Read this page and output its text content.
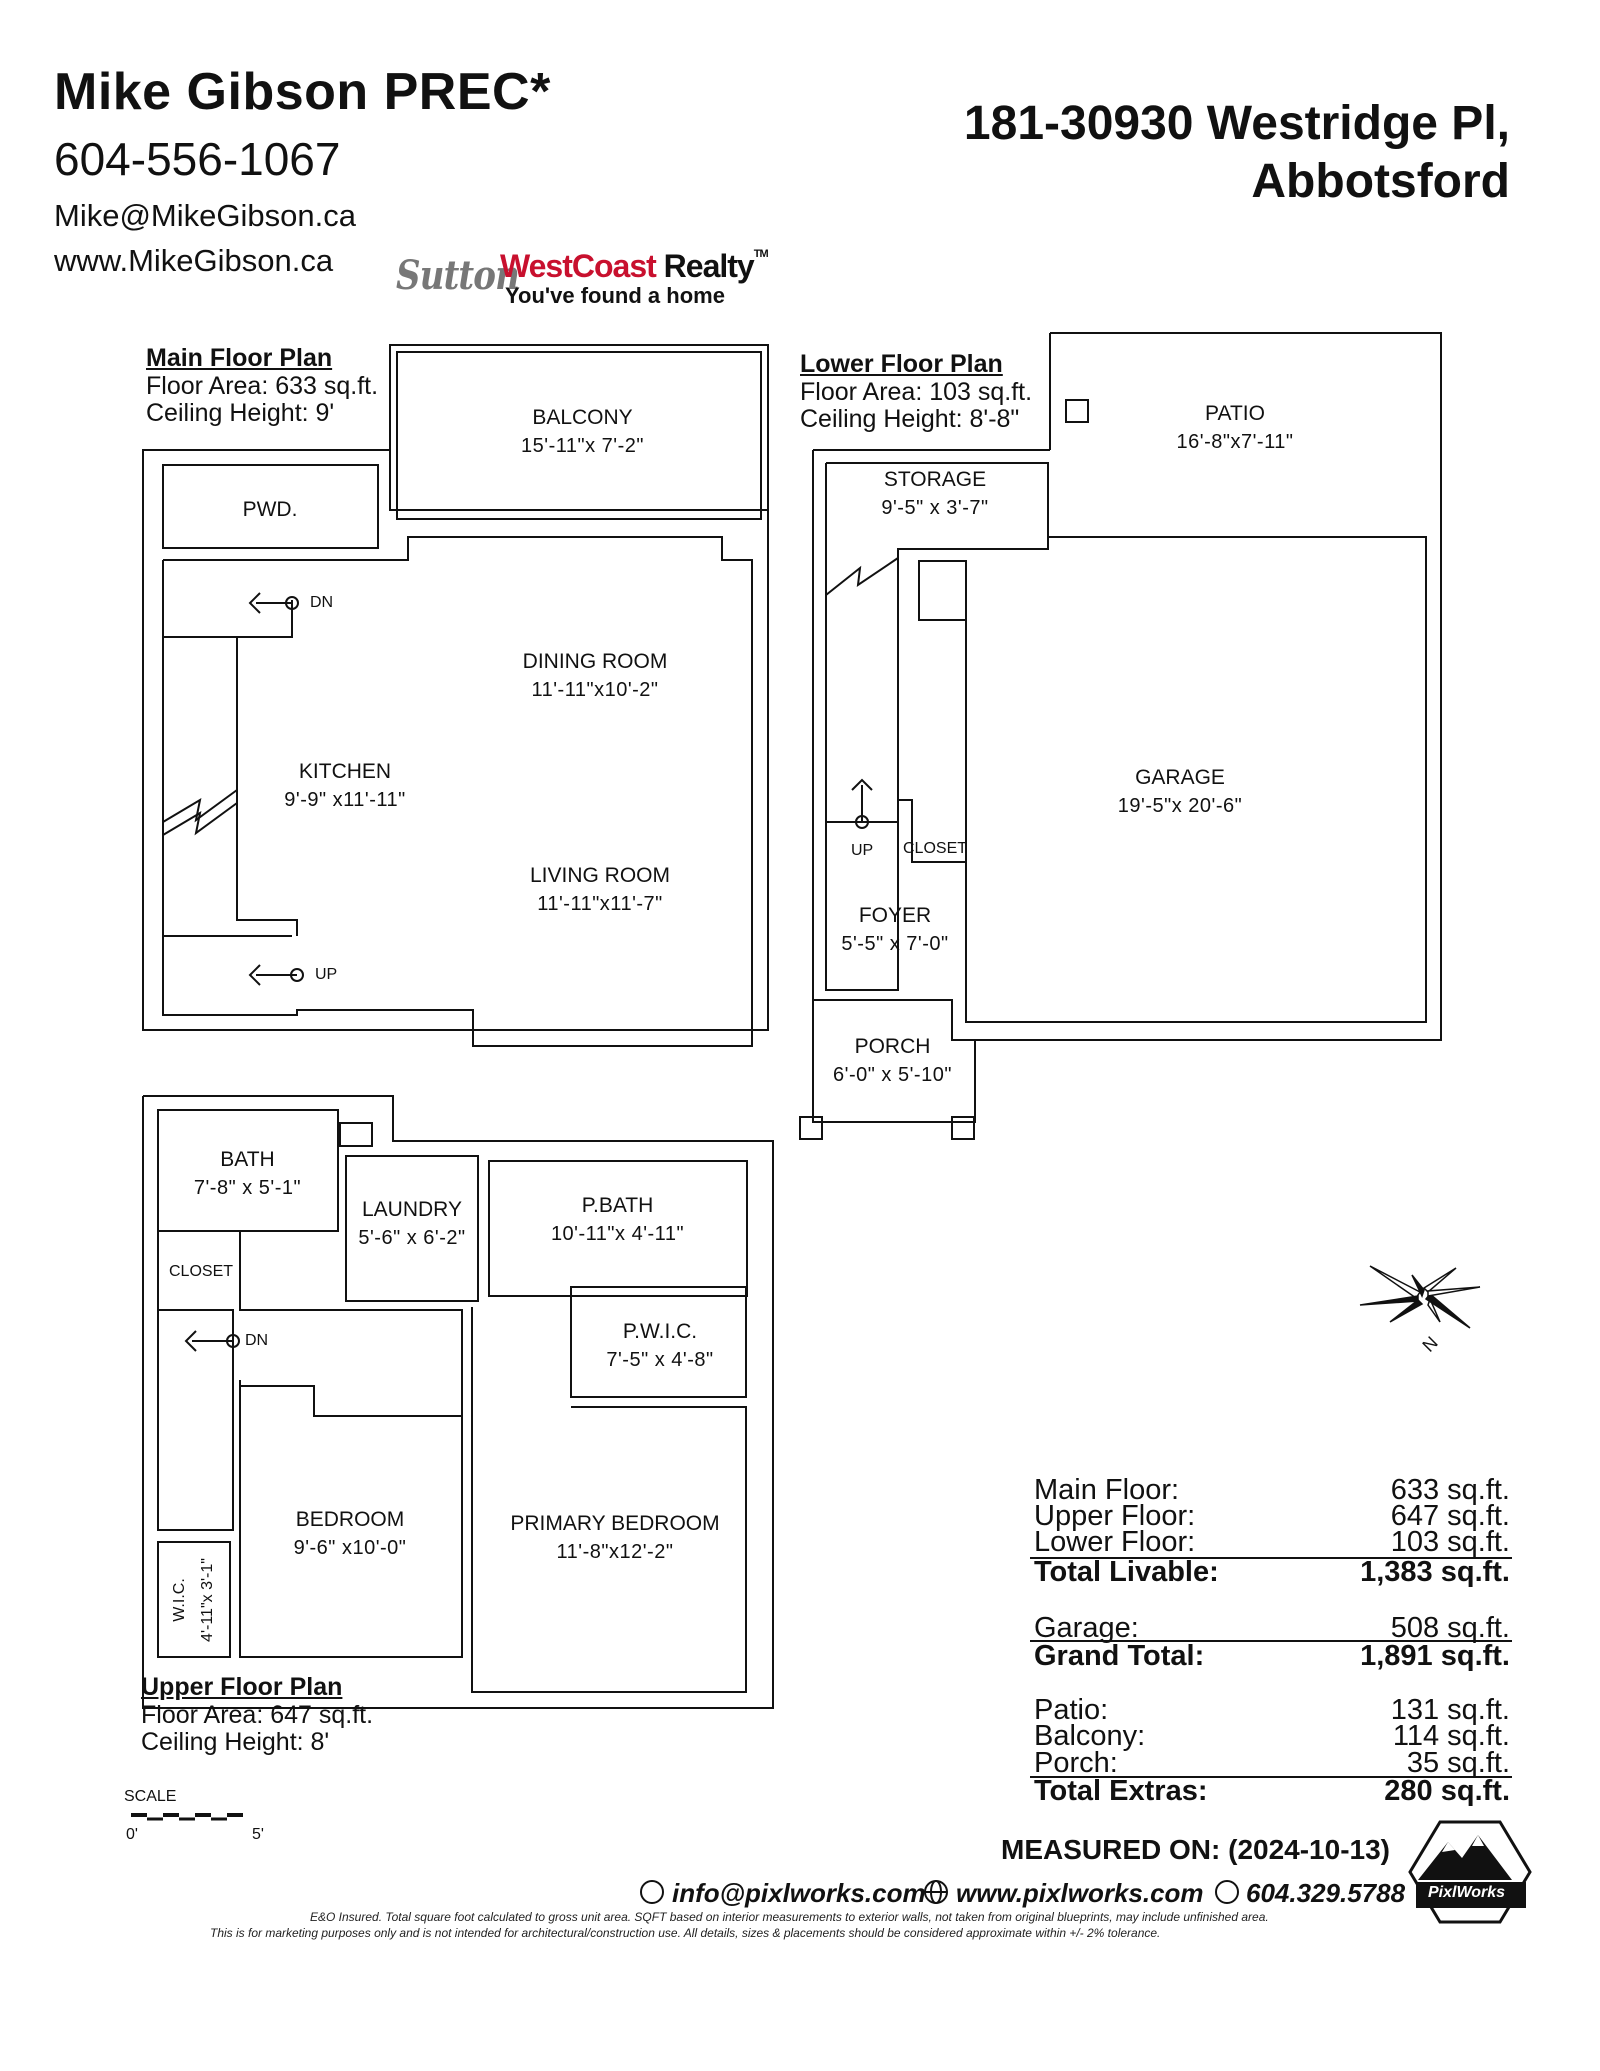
Mike Gibson PREC*
604-556-1067
Mike@MikeGibson.ca
www.MikeGibson.ca Sutton
WestCoast Realty™
You've found a home
181-30930 Westridge Pl,
Abbotsford
Main Floor Plan
Floor Area: 633 sq.ft.
Ceiling Height: 9'	BALCONY
15'-11"x 7'-2"
PWD.
DINING ROOM
11'-11"x10'-2"
KITCHEN
9'-9" x11'-11"
LIVING ROOM
11'-11"x11'-7"
DN
UP
Lower Floor Plan
Floor Area: 103 sq.ft.
Ceiling Height: 8'-8"	PATIO
16'-8"x7'-11"
STORAGE
9'-5" x 3'-7"
GARAGE
19'-5"x 20'-6"
CLOSET
UP
FOYER
5'-5" x 7'-0"
PORCH
6'-0" x 5'-10"
BATH
7'-8" x 5'-1"
LAUNDRY
5'-6" x 6'-2"
P.BATH
10'-11"x 4'-11"
CLOSET
P.W.I.C.
7'-5" x 4'-8"
BEDROOM
9'-6" x10'-0"
PRIMARY BEDROOM
11'-8"x12'-2"
W.I.C. 4'-11"x 3'-1"
DN
Upper Floor Plan
Floor Area: 647 sq.ft.
Ceiling Height: 8'
SCALE
0'	5'
N
Main Floor:	633 sq.ft.
Upper Floor:	647 sq.ft.
Lower Floor:	103 sq.ft.
Total Livable:	1,383 sq.ft.
Garage:	508 sq.ft.
Grand Total:	1,891 sq.ft.
Patio:	131 sq.ft.
Balcony:	114 sq.ft.
Porch:	35 sq.ft.
Total Extras:	280 sq.ft.
MEASURED ON: (2024-10-13)
info@pixlworks.com www.pixlworks.com 604.329.5788 PixlWorks
E&O Insured. Total square foot calculated to gross unit area. SQFT based on interior measurements to exterior walls, not taken from original blueprints, may include unfinished area.
This is for marketing purposes only and is not intended for architectural/construction use. All details, sizes & placements should be considered approximate within +/- 2% tolerance.
